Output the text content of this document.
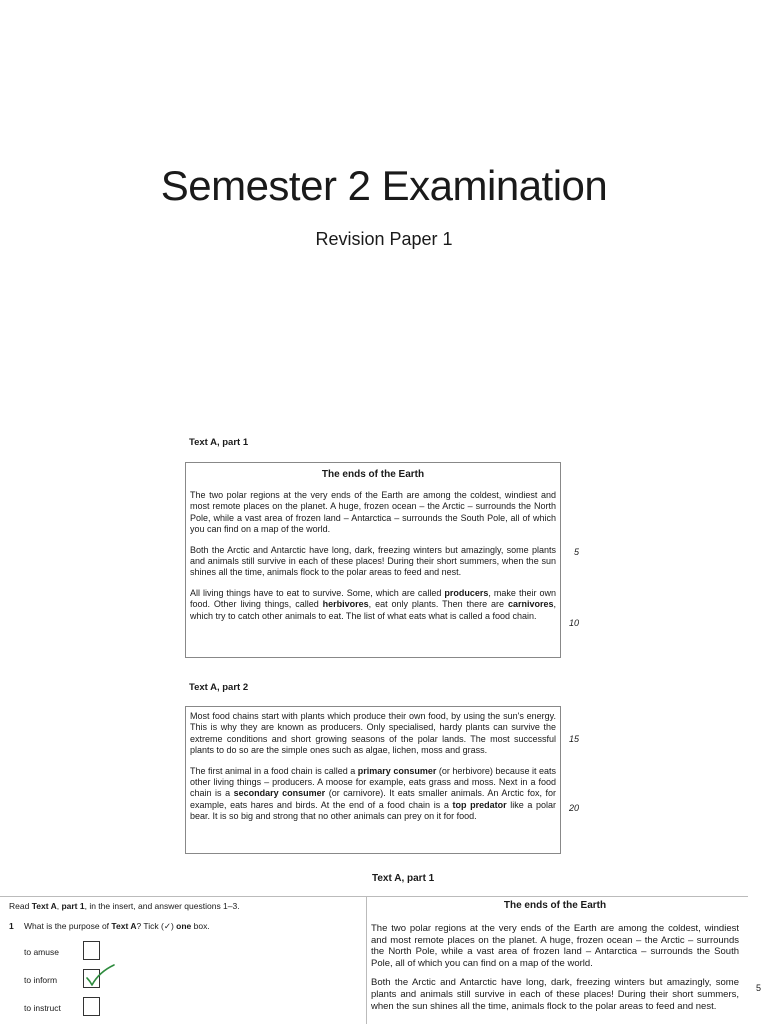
Semester 2 Examination
Revision Paper 1
Text A, part 1
The ends of the Earth

The two polar regions at the very ends of the Earth are among the coldest, windiest and most remote places on the planet. A huge, frozen ocean – the Arctic – surrounds the North Pole, while a vast area of frozen land – Antarctica – surrounds the South Pole, all of which you can find on a map of the world.

Both the Arctic and Antarctic have long, dark, freezing winters but amazingly, some plants and animals still survive in each of these places! During their short summers, when the sun shines all the time, animals flock to the polar areas to feed and nest.

All living things have to eat to survive. Some, which are called producers, make their own food. Other living things, called herbivores, eat only plants. Then there are carnivores, which try to catch other animals to eat. The list of what eats what is called a food chain.

5
10
Text A, part 2

Most food chains start with plants which produce their own food, by using the sun's energy. This is why they are known as producers. Only specialised, hardy plants can survive the extreme conditions and short growing seasons of the polar lands. The most successful plants to do so are the simple ones such as algae, lichen, moss and grass.

The first animal in a food chain is called a primary consumer (or herbivore) because it eats other living things – producers. A moose for example, eats grass and moss. Next in a food chain is a secondary consumer (or carnivore). It eats smaller animals. An Arctic fox, for example, eats hares and birds. At the end of a food chain is a top predator like a polar bear. It is so big and strong that no other animals can prey on it for food.

15
20
Text A, part 1
Read Text A, part 1, in the insert, and answer questions 1–3.
1 What is the purpose of Text A? Tick (✓) one box.
to amuse
to inform
to instruct
The ends of the Earth

The two polar regions at the very ends of the Earth are among the coldest, windiest and most remote places on the planet. A huge, frozen ocean – the Arctic – surrounds the North Pole, while a vast area of frozen land – Antarctica – surrounds the South Pole, all of which you can find on a map of the world.

Both the Arctic and Antarctic have long, dark, freezing winters but amazingly, some plants and animals still survive in each of these places! During their short summers, when the sun shines all the time, animals flock to the polar areas to feed and nest.

5
